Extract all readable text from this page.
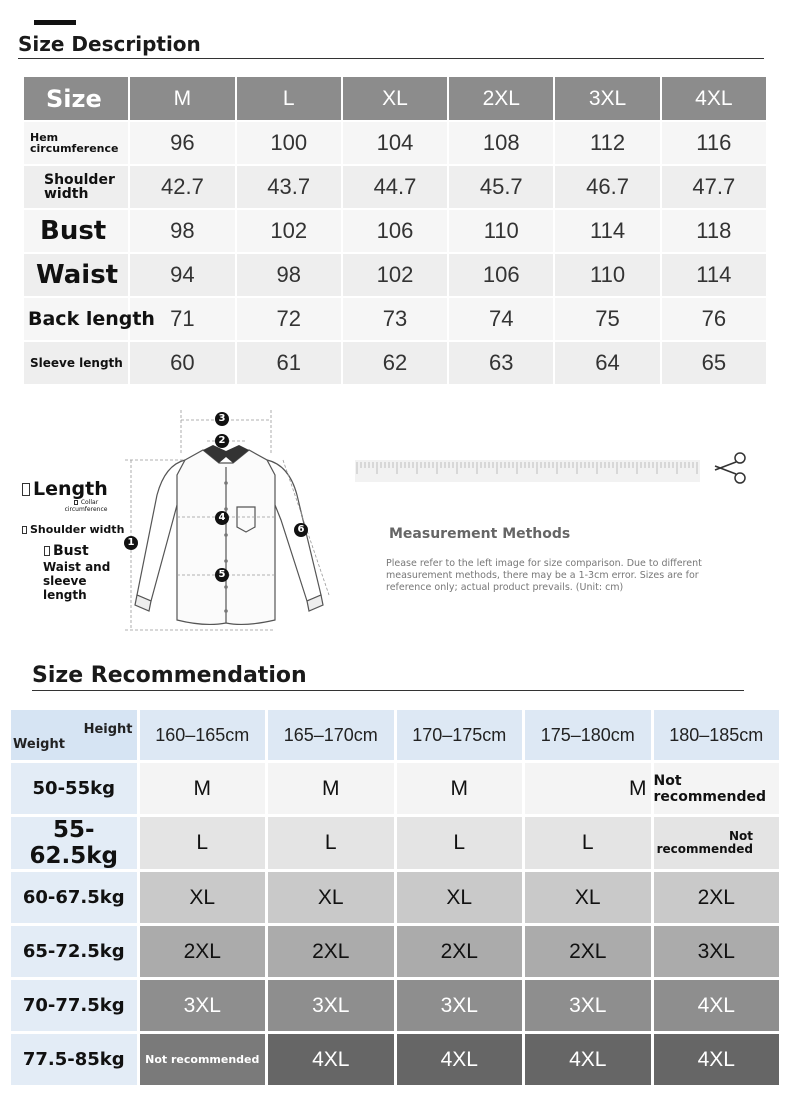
Size Description
Size	M	L	XL	2XL	3XL	4XL
Hem circumference	96	100	104	108	112	116
Shoulder width	42.7	43.7	44.7	45.7	46.7	47.7
Bust	98	102	106	110	114	118
Waist	94	98	102	106	110	114
Back length	71	72	73	74	75	76
Sleeve length	60	61	62	63	64	65
Length
Collar circumference
Shoulder width
Bust
Waist and sleeve length
1
2
3
4
5
6	Measurement Methods
Please refer to the left image for size comparison. Due to different measurement methods, there may be a 1-3cm error. Sizes are for reference only; actual product prevails. (Unit: cm)
Size Recommendation
Height
Weight	160–165cm	165–170cm	170–175cm	175–180cm	180–185cm
50-55kg	M	M	M	M	Not recommended
55-62.5kg	L	L	L	L	Not recommended
60-67.5kg	XL	XL	XL	XL	2XL
65-72.5kg	2XL	2XL	2XL	2XL	3XL
70-77.5kg	3XL	3XL	3XL	3XL	4XL
77.5-85kg	Not recommended	4XL	4XL	4XL	4XL
